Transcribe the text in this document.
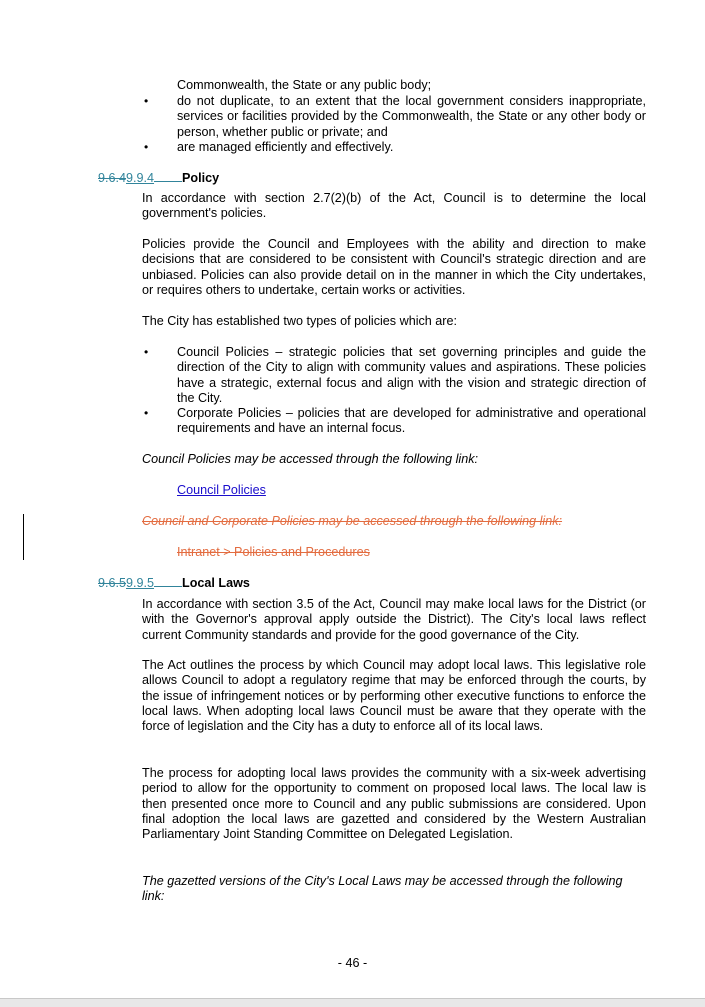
Commonwealth, the State or any public body;
•	do not duplicate, to an extent that the local government considers inappropriate, services or facilities provided by the Commonwealth, the State or any other body or person, whether public or private; and
•	are managed efficiently and effectively.
9.6.49.9.4 Policy
In accordance with section 2.7(2)(b) of the Act, Council is to determine the local government's policies.
Policies provide the Council and Employees with the ability and direction to make decisions that are considered to be consistent with Council's strategic direction and are unbiased. Policies can also provide detail on in the manner in which the City undertakes, or requires others to undertake, certain works or activities.
The City has established two types of policies which are:
•	Council Policies – strategic policies that set governing principles and guide the direction of the City to align with community values and aspirations. These policies have a strategic, external focus and align with the vision and strategic direction of the City.
•	Corporate Policies – policies that are developed for administrative and operational requirements and have an internal focus.
Council Policies may be accessed through the following link:
Council Policies
Council and Corporate Policies may be accessed through the following link:
Intranet > Policies and Procedures
9.6.59.9.5 Local Laws
In accordance with section 3.5 of the Act, Council may make local laws for the District (or with the Governor's approval apply outside the District). The City's local laws reflect current Community standards and provide for the good governance of the City.
The Act outlines the process by which Council may adopt local laws. This legislative role allows Council to adopt a regulatory regime that may be enforced through the courts, by the issue of infringement notices or by performing other executive functions to enforce the local laws. When adopting local laws Council must be aware that they operate with the force of legislation and the City has a duty to enforce all of its local laws.
The process for adopting local laws provides the community with a six-week advertising period to allow for the opportunity to comment on proposed local laws. The local law is then presented once more to Council and any public submissions are considered. Upon final adoption the local laws are gazetted and considered by the Western Australian Parliamentary Joint Standing Committee on Delegated Legislation.
The gazetted versions of the City's Local Laws may be accessed through the following link:
- 46 -
